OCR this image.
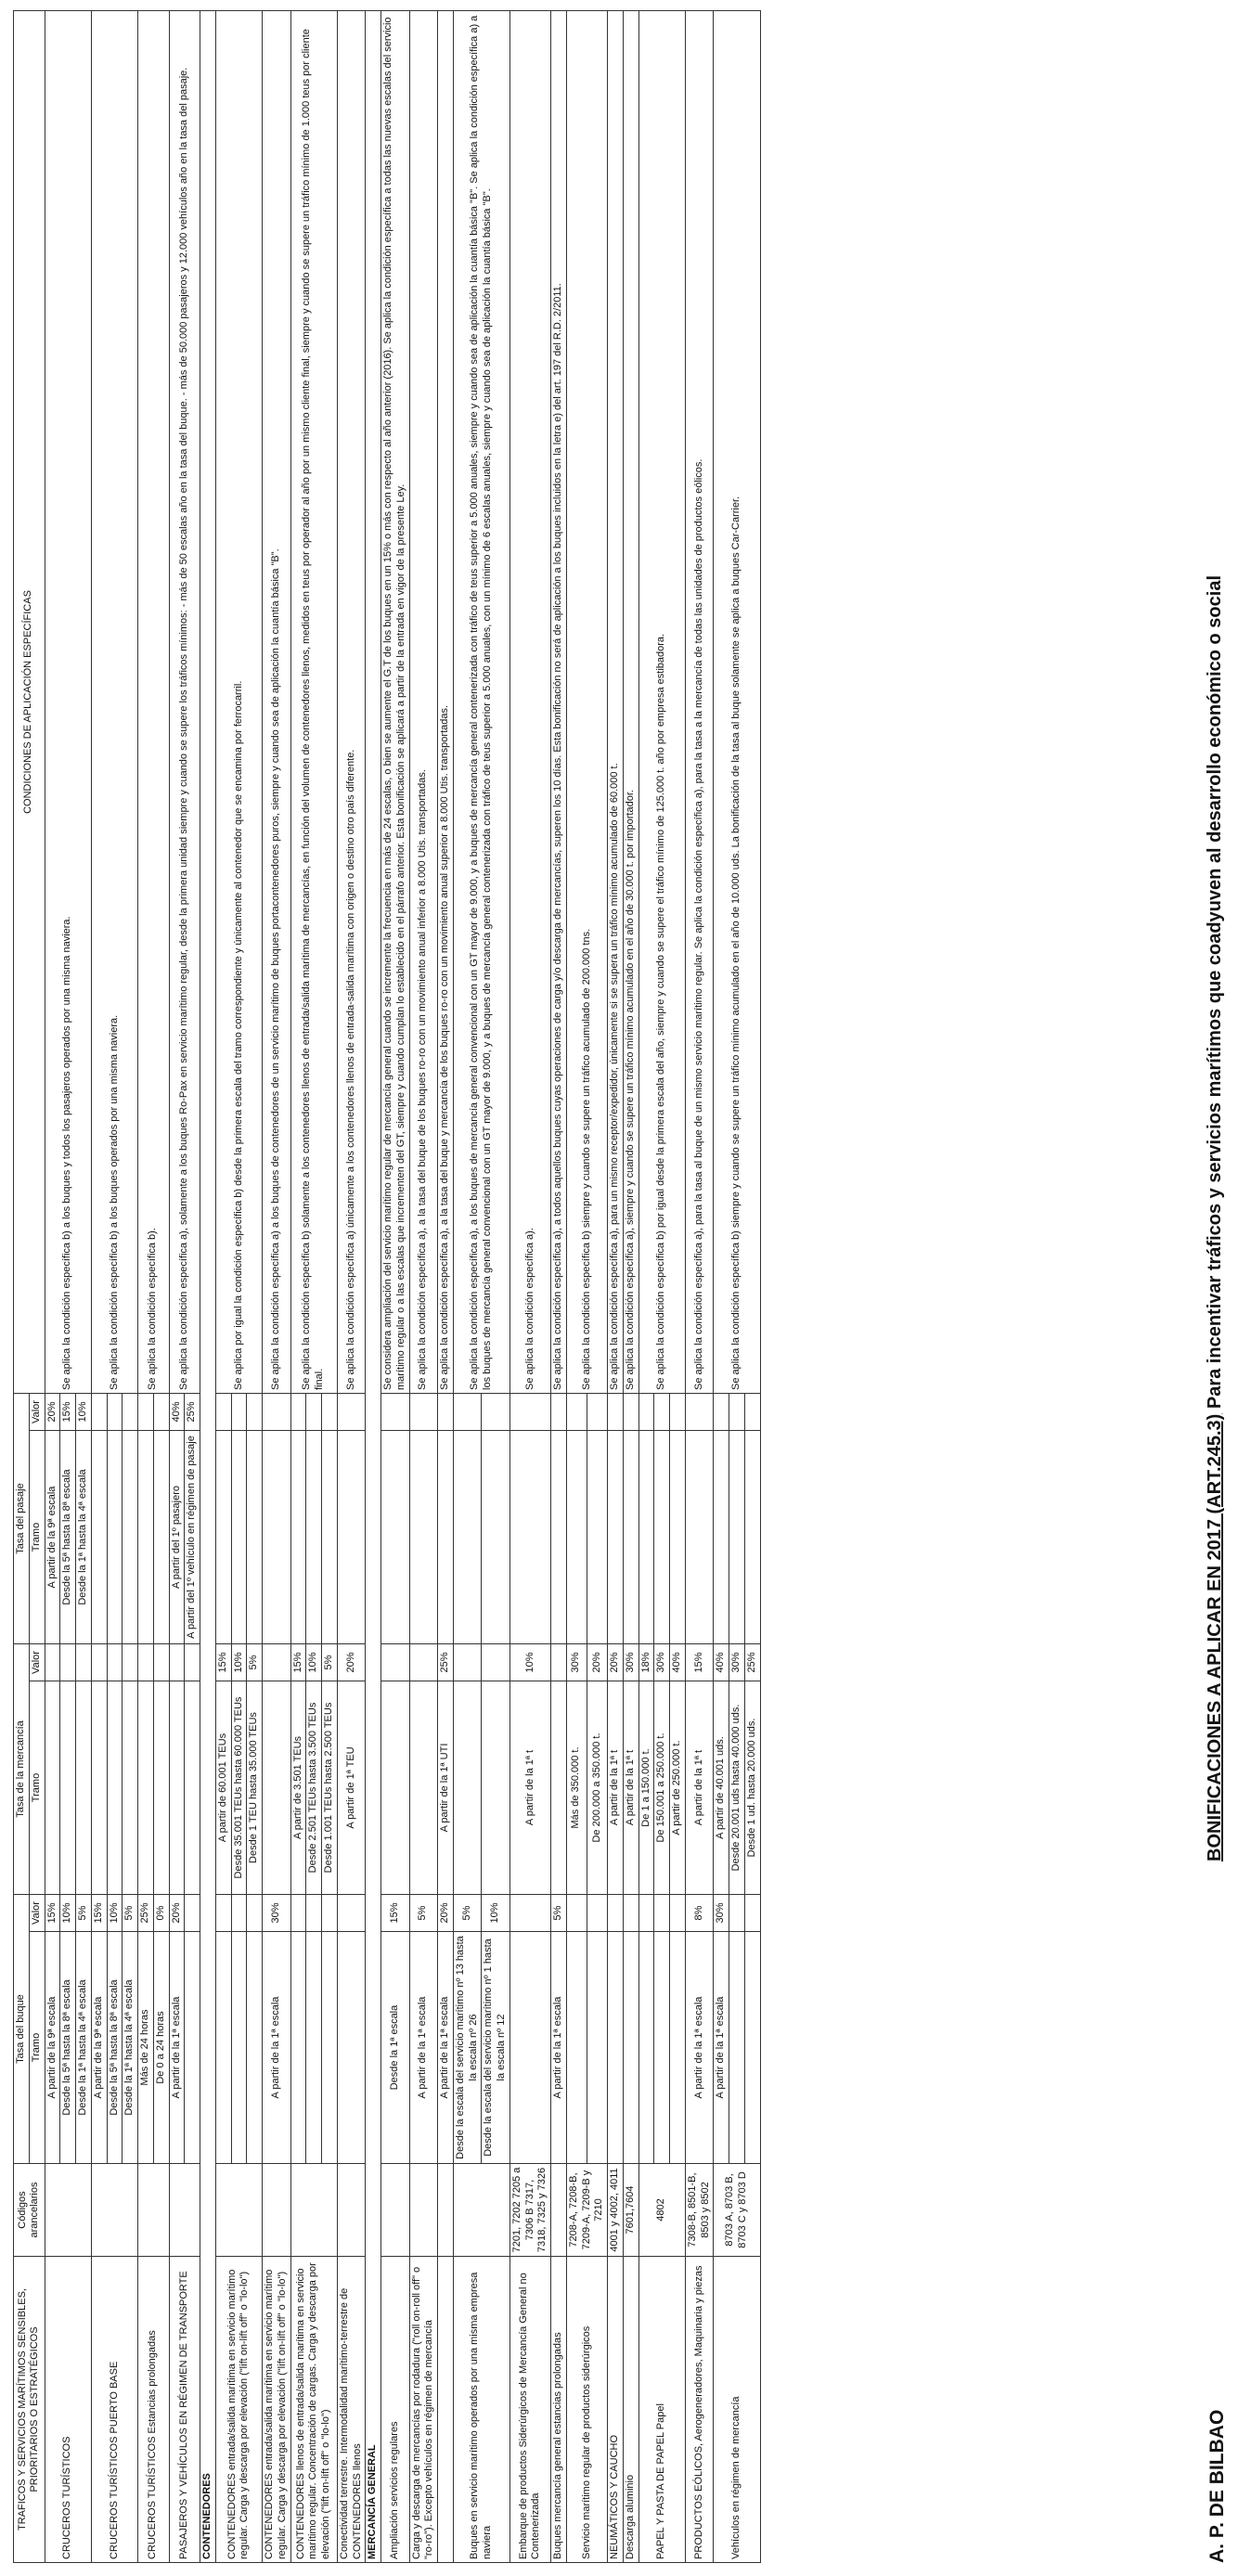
A. P. DE BILBAO
BONIFICACIONES A APLICAR EN 2017 (ART.245.3) Para incentivar tráficos y servicios marítimos que coadyuven al desarrollo económico o social
TRAFICOS Y SERVICIOS MARÍTIMOS SENSIBLES, PRIORITARIOS O ESTRATÉGICOS	Códigos arancelarios	Tasa del buque		Tasa de la mercancía		Tasa del pasaje		CONDICIONES DE APLICACIÓN ESPECÍFICAS
		Tramo	Valor	Tramo	Valor	Tramo	Valor	
CRUCEROS TURÍSTICOS		A partir de la 9ª escala	15%			A partir de la 9ª escala	20%	Se aplica la condición específica b) a los buques y todos los pasajeros operados por una misma naviera.
		Desde la 5ª hasta la 8ª escala	10%			Desde la 5ª hasta la 8ª escala	15%	
		Desde la 1ª hasta la 4ª escala	5%			Desde la 1ª hasta la 4ª escala	10%	
CRUCEROS TURÍSTICOS PUERTO BASE		A partir de la 9ª escala	15%					Se aplica la condición específica b) a los buques operados por una misma naviera.
		Desde la 5ª hasta la 8ª escala	10%					
		Desde la 1ª hasta la 4ª escala	5%					
CRUCEROS TURÍSTICOS Estancias prolongadas		Más de 24 horas	25%					Se aplica la condición específica b).
		De 0 a 24 horas	0%					
PASAJEROS Y VEHÍCULOS EN RÉGIMEN DE TRANSPORTE		A partir de la 1ª escala	20%			A partir del 1º pasajero	40%	Se aplica la condición específica a), solamente a los buques Ro-Pax en servicio marítimo regular, desde la primera unidad siempre y cuando se supere los tráficos mínimos: - más de 50 escalas año en la tasa del buque. - más de 50.000 pasajeros y 12.000 vehículos año en la tasa del pasaje.
						A partir del 1º vehículo en régimen de pasaje	25%	
CONTENEDORES								
CONTENEDORES entrada/salida marítima en servicio marítimo regular. Carga y descarga por elevación ("lift on-lift off" o "lo-lo")				A partir de 60.001 TEUs	15%			Se aplica por igual la condición específica b) desde la primera escala del tramo correspondiente y únicamente al contenedor que se encamina por ferrocarril.
				Desde 35.001 TEUs hasta 60.000 TEUs	10%			
				Desde 1 TEU hasta 35.000 TEUs	5%			
CONTENEDORES entrada/salida marítima en servicio marítimo regular. Carga y descarga por elevación ("lift on-lift off" o "lo-lo")		A partir de la 1ª escala	30%					Se aplica la condición específica a) a los buques de contenedores de un servicio marítimo de buques portacontenedores puros, siempre y cuando sea de aplicación la cuantía básica "B".
CONTENEDORES llenos de entrada/salida marítima en servicio marítimo regular. Concentración de cargas. Carga y descarga por elevación ("lift on-lift off" o "lo-lo")				A partir de 3.501 TEUs	15%			Se aplica la condición específica b) solamente a los contenedores llenos de entrada/salida marítima de mercancías, en función del volumen de contenedores llenos, medidos en teus por operador al año por un mismo cliente final, siempre y cuando se supere un tráfico mínimo de 1.000 teus por cliente final.
				Desde 2.501 TEUs hasta 3.500 TEUs	10%			
				Desde 1.001 TEUs hasta 2.500 TEUs	5%			
Conectividad terrestre. Intermodalidad marítimo-terrestre de CONTENEDORES llenos				A partir de 1ª TEU	20%			Se aplica la condición específica a) únicamente a los contenedores llenos de entrada-salida marítima con origen o destino otro país diferente.
MERCANCÍA GENERAL								
Ampliación servicios regulares		Desde la 1ª escala	15%					Se considera ampliación del servicio marítimo regular de mercancía general cuando se incremente la frecuencia en más de 24 escalas, o bien se aumente el G.T de los buques en un 15% o más con respecto al año anterior (2016). Se aplica la condición específica a todas las nuevas escalas del servicio marítimo regular o a las escalas que incrementen del GT, siempre y cuando cumplan lo establecido en el párrafo anterior. Esta bonificación se aplicará a partir de la entrada en vigor de la presente Ley.
Carga y descarga de mercancías por rodadura ("roll on-roll off" o "ro-ro"). Excepto vehículos en régimen de mercancía		A partir de la 1ª escala	5%					Se aplica la condición específica a), a la tasa del buque de los buques ro-ro con un movimiento anual inferior a 8.000 Utis. transportadas.
		A partir de la 1ª escala	20%	A partir de la 1ª UTI	25%			Se aplica la condición específica a), a la tasa del buque y mercancía de los buques ro-ro con un movimiento anual superior a 8.000 Utis. transportadas.
Buques en servicio marítimo operados por una misma empresa naviera		Desde la escala del servicio marítimo nº 13 hasta la escala nº 26	5%					Se aplica la condición específica a), a los buques de mercancía general convencional con un GT mayor de 9.000, y a buques de mercancía general contenerizada con tráfico de teus superior a 5.000 anuales, siempre y cuando sea de aplicación la cuantía básica "B". Se aplica la condición específica a) a los buques de mercancía general convencional con un GT mayor de 9.000, y a buques de mercancía general contenerizada con tráfico de teus superior a 5.000 anuales, con un mínimo de 6 escalas anuales, siempre y cuando sea de aplicación la cuantía básica "B".
		Desde la escala del servicio marítimo nº 1 hasta la escala nº 12	10%					
Embarque de productos Siderúrgicos de Mercancía General no Contenerizada	7201, 7202 7205 a 7306 B 7317, 7318, 7325 y 7326			A partir de la 1ª t	10%			Se aplica la condición específica a).
Buques mercancía general estancias prolongadas		A partir de la 1ª escala	5%					Se aplica la condición específica a), a todos aquellos buques cuyas operaciones de carga y/o descarga de mercancías, superen los 10 días. Esta bonificación no será de aplicación a los buques incluidos en la letra e) del art. 197 del R.D. 2/2011.
Servicio marítimo regular de productos siderúrgicos	7208-A, 7208-B, 7209-A, 7209-B y 7210			Más de 350.000 t.	30%			Se aplica la condición específica b) siempre y cuando se supere un tráfico acumulado de 200.000 tns.
				De 200.000 a 350.000 t.	20%			
NEUMÁTICOS Y CAUCHO	4001 y 4002, 4011			A partir de la 1ª t	20%			Se aplica la condición específica a), para un mismo receptor/expedidor, únicamente si se supera un tráfico mínimo acumulado de 60.000 t.
Descarga aluminio	7601,7604			A partir de la 1ª t	30%			Se aplica la condición específica a), siempre y cuando se supere un tráfico mínimo acumulado en el año de 30.000 t. por importador.
PAPEL Y PASTA DE PAPEL Papel	4802			De 1 a 150.000 t.	18%			Se aplica la condición específica b) por igual desde la primera escala del año, siempre y cuando se supere el tráfico mínimo de 125.000 t. año por empresa estibadora.
				De 150.001 a 250.000 t.	30%			
				A partir de 250.000 t.	40%			
PRODUCTOS EÓLICOS, Aerogeneradores, Maquinaria y piezas	7308-B, 8501-B, 8503 y 8502	A partir de la 1ª escala	8%	A partir de la 1ª t	15%			Se aplica la condición específica a), para la tasa al buque de un mismo servicio marítimo regular. Se aplica la condición específica a), para la tasa a la mercancía de todas las unidades de productos eólicos.
Vehículos en régimen de mercancía	8703 A, 8703 B, 8703 C y 8703 D	A partir de la 1ª escala	30%	A partir de 40.001 uds.	40%			Se aplica la condición específica b) siempre y cuando se supere un tráfico mínimo acumulado en el año de 10.000 uds. La bonificación de la tasa al buque solamente se aplica a buques Car-Carrier.
				Desde 20.001 uds hasta 40.000 uds.	30%			
				Desde 1 ud. hasta 20.000 uds.	25%			
